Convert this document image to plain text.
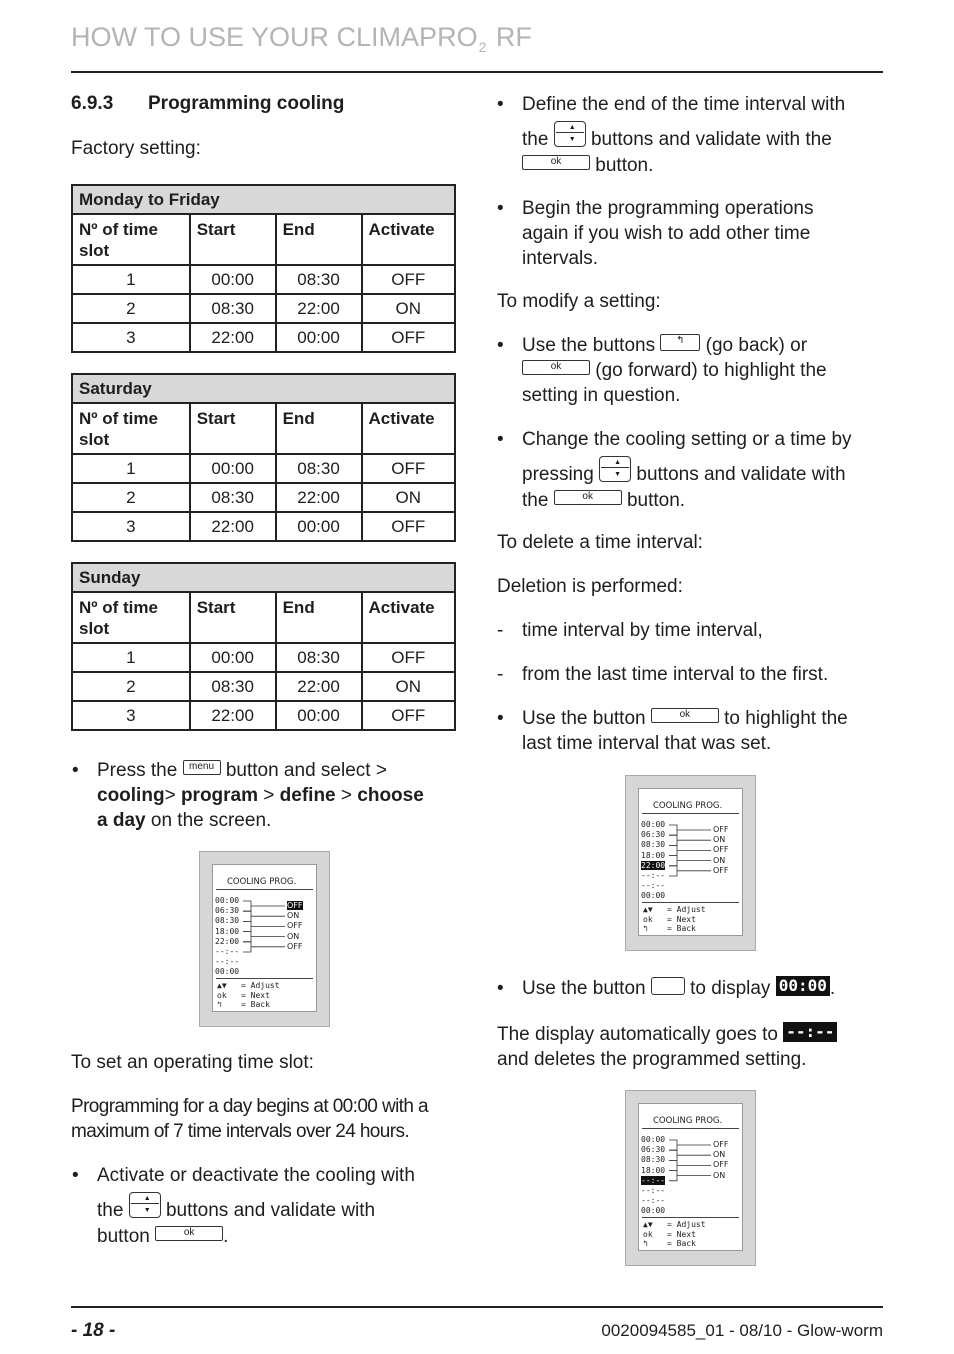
HOW TO USE YOUR $CLIMAPRO_2$ RF
6.9.3 Programming cooling
Factory setting:
Monday to Friday			
Nº of time slot	Start	End	Activate
1	00:00	08:30	OFF
2	08:30	22:00	ON
3	22:00	00:00	OFF
Saturday			
Nº of time slot	Start	End	Activate
1	00:00	08:30	OFF
2	08:30	22:00	ON
3	22:00	00:00	OFF
Sunday			
Nº of time slot	Start	End	Activate
1	00:00	08:30	OFF
2	08:30	22:00	ON
3	22:00	00:00	OFF
• Press the menu button and select >
cooling> program > define > choose
a day on the screen.
COOLING PROG.
00:00
06:30
08:30
18:00
22:00
--:--
--:--
00:00
OFF
ON
OFF
ON
OFF
▲▼ = Adjust
ok = Next
↰ = Back
To set an operating time slot:
Programming for a day begins at 00:00 with a
maximum of 7 time intervals over 24 hours.
• Activate or deactivate the cooling with

the
▲
▼ buttons and validate with
button	ok .
• Define the end of the time interval with

the
▲
▼ buttons and validate with the
ok button.
• Begin the programming operations
again if you wish to add other time
intervals.
To modify a setting:
• Use the buttons ↰ (go back) or
ok (go forward) to highlight the
setting in question.
• Change the cooling setting or a time by

pressing
▲
▼ buttons and validate with
the	ok button.
To delete a time interval:
Deletion is performed:
- time interval by time interval,
- from the last time interval to the first.
• Use the button	ok to highlight the
last time interval that was set.
COOLING PROG.
00:00
06:30
08:30
18:00
22:00
--:--
--:--
00:00
OFF
ON
OFF
ON
OFF
▲▼ = Adjust
ok = Next
↰ = Back
• Use the button to display 00:00 .
The display automatically goes to --:--
and deletes the programmed setting.
COOLING PROG.
00:00
06:30
08:30
18:00
--:--
--:--
--:--
00:00
OFF
ON
OFF
ON
▲▼ = Adjust
ok = Next
↰ = Back
- 18 -	0020094585_01 - 08/10 - Glow-worm
